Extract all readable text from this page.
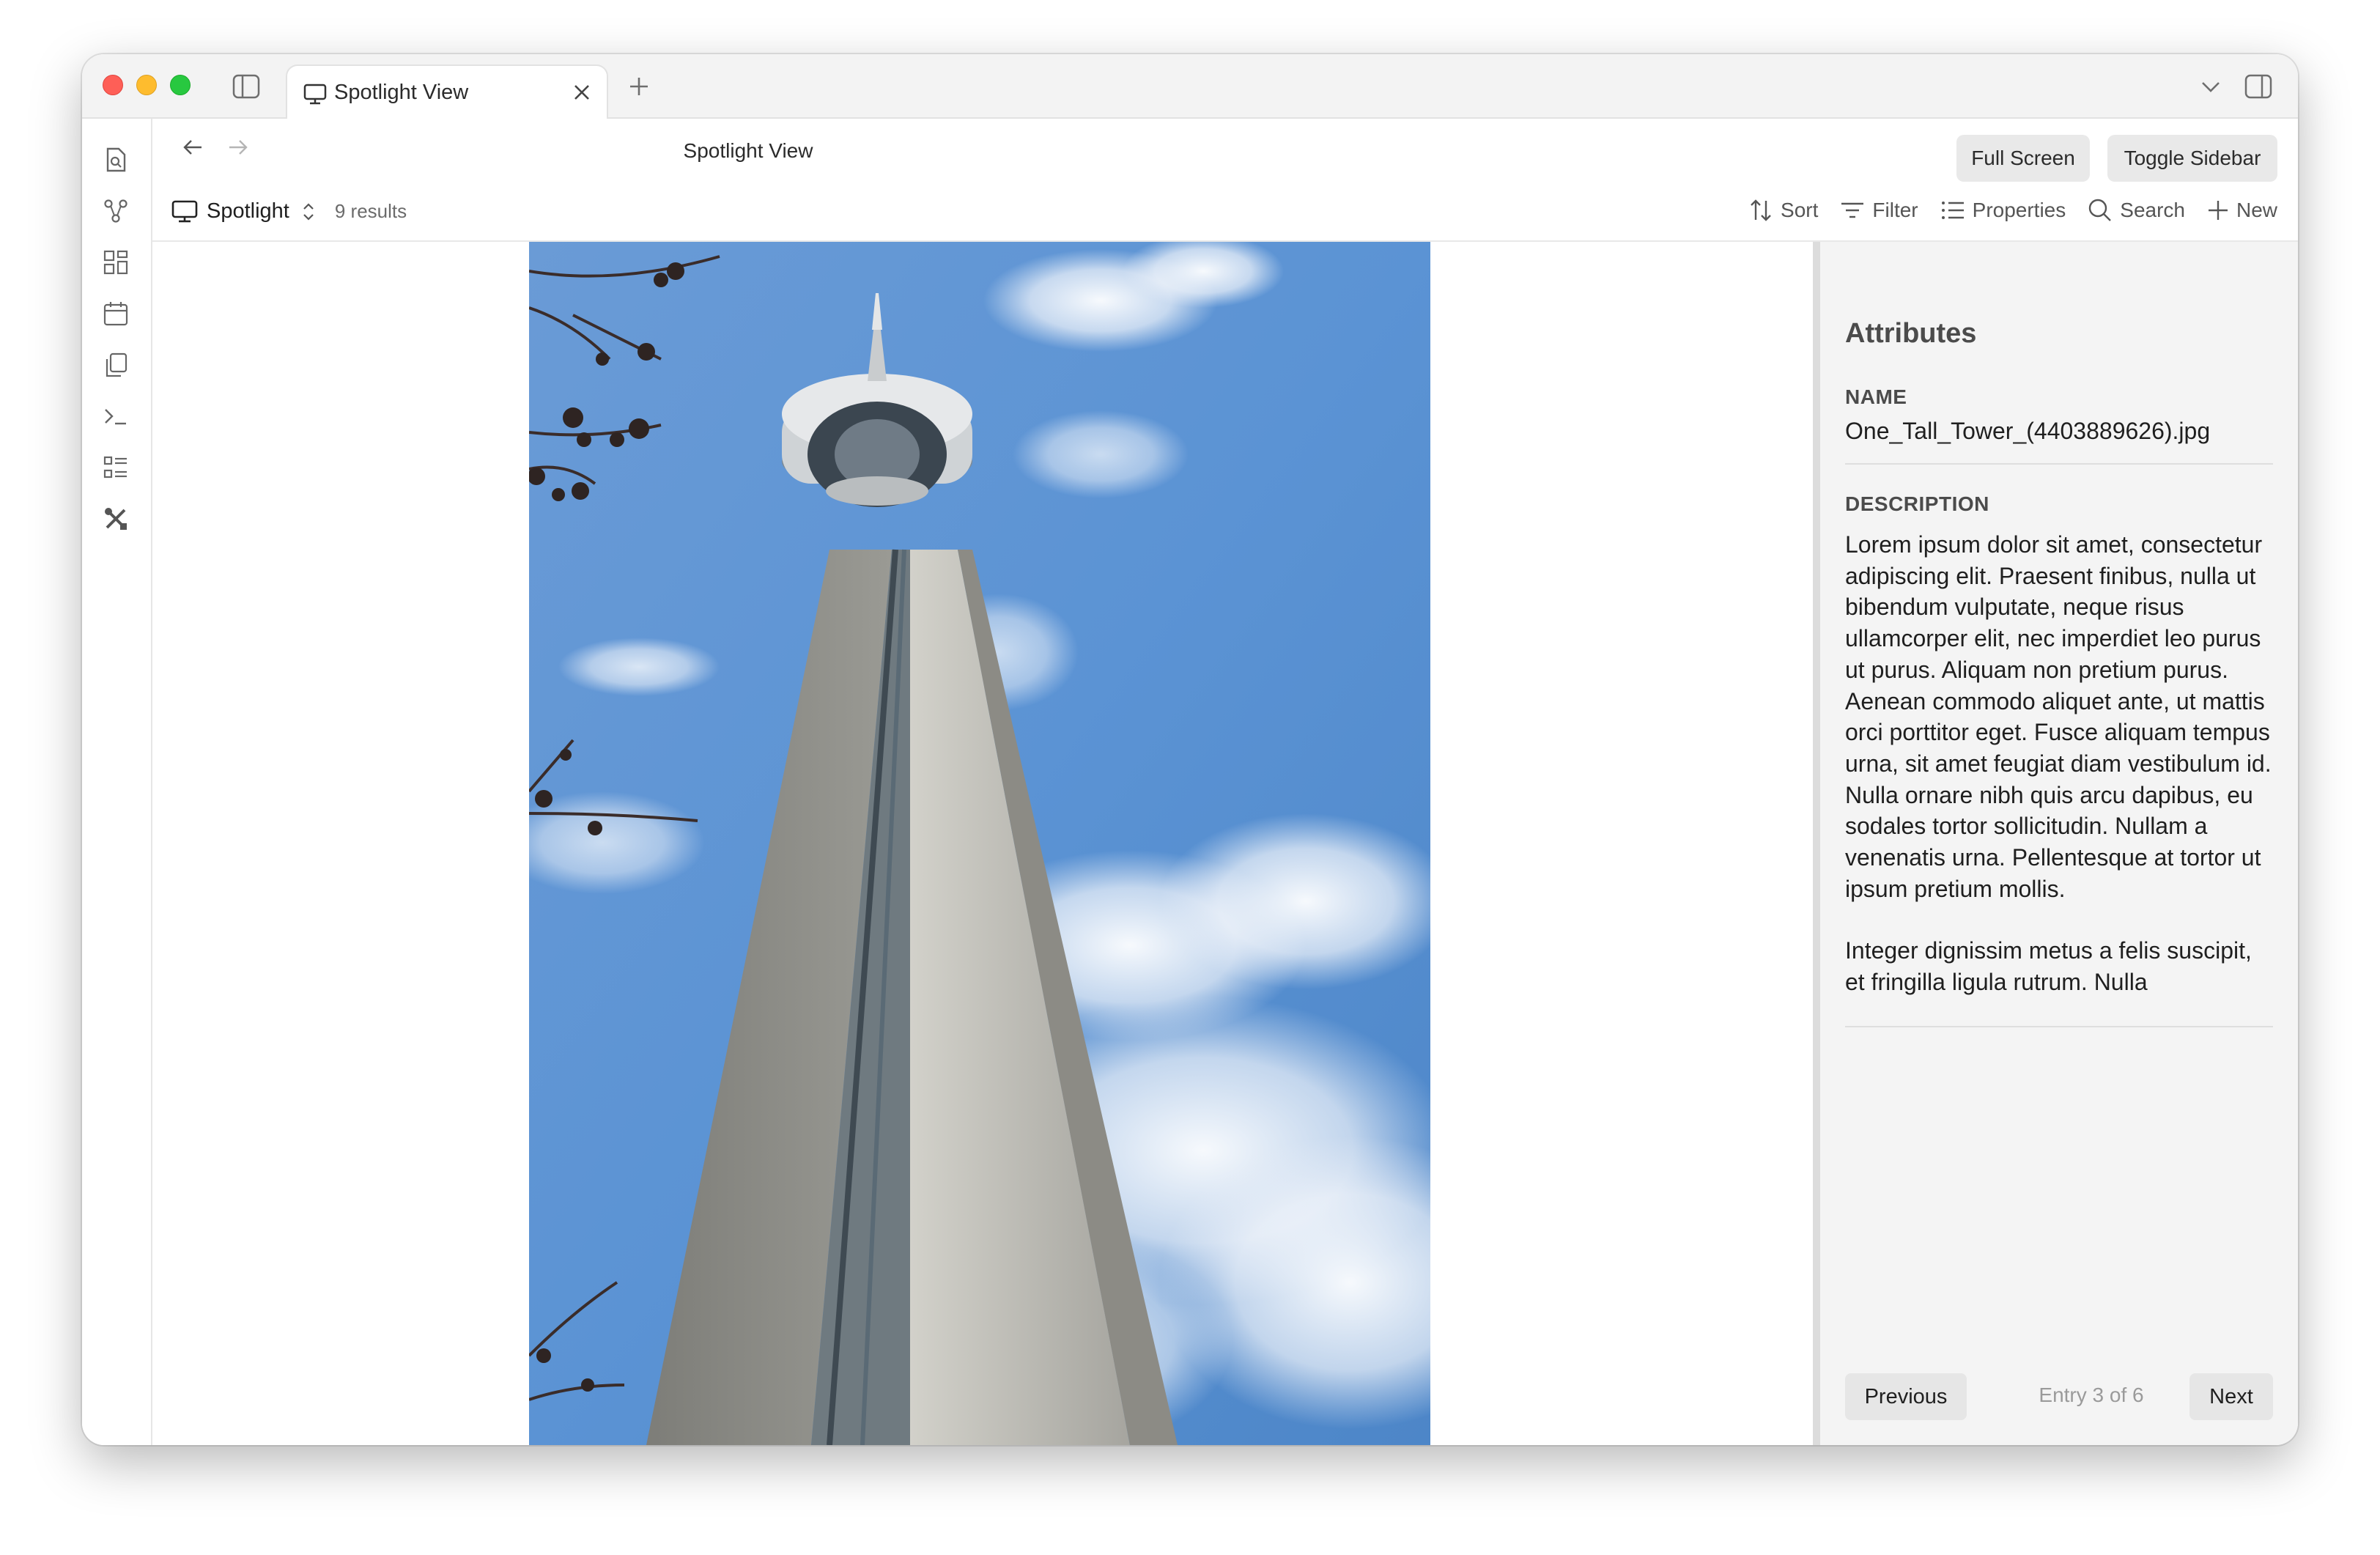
Spotlight View
Spotlight View	Full Screen	Toggle Sidebar
Spotlight 9 results	Sort	Filter	Properties	Search	New
Attributes
NAME
One_Tall_Tower_(4403889626).jpg
DESCRIPTION

Lorem ipsum dolor sit amet, consectetur adipiscing elit. Praesent finibus, nulla ut bibendum vulputate, neque risus ullamcorper elit, nec imperdiet leo purus ut purus. Aliquam non pretium purus. Aenean commodo aliquet ante, ut mattis orci porttitor eget. Fusce aliquam tempus urna, sit amet feugiat diam vestibulum id. Nulla ornare nibh quis arcu dapibus, eu sodales tortor sollicitudin. Nullam a venenatis urna. Pellentesque at tortor ut ipsum pretium mollis.

Integer dignissim metus a felis suscipit, et fringilla ligula rutrum. Nulla

Previous	Entry 3 of 6	Next
